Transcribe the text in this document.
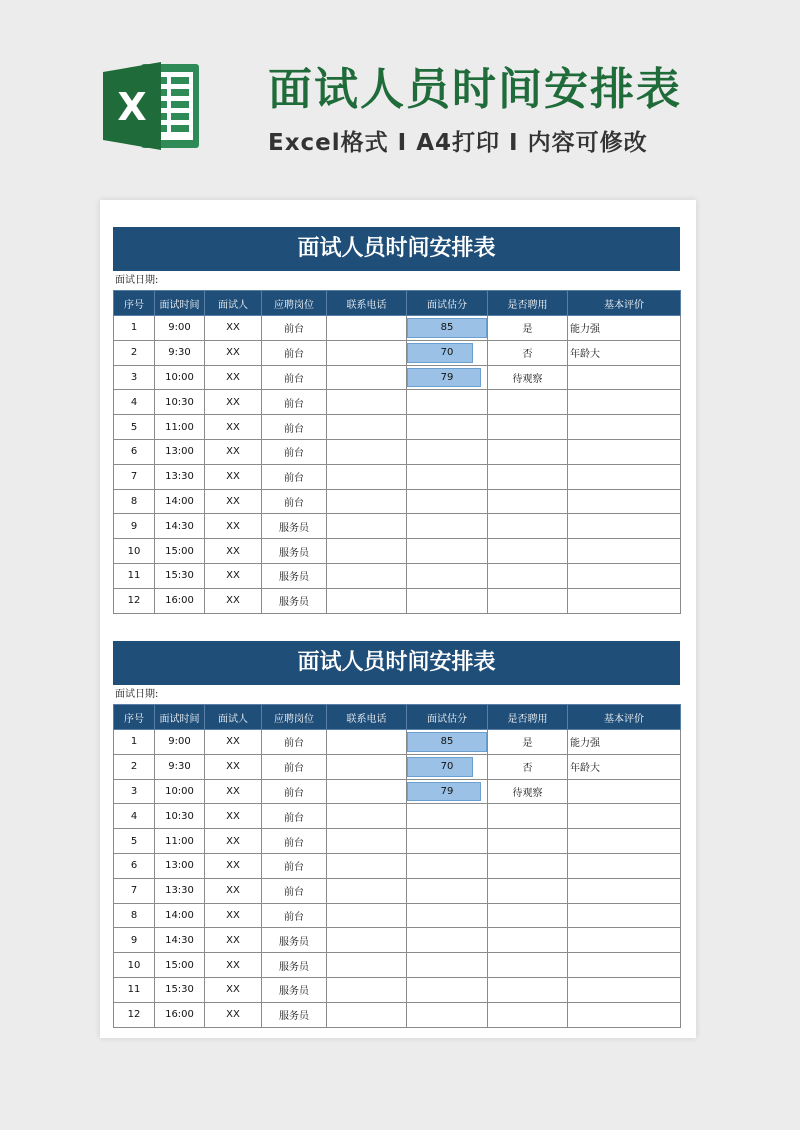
X	面试人员时间安排表
Excel格式 I A4打印 I 内容可修改
面试人员时间安排表
面试日期:
序号	面试时间	面试人	应聘岗位	联系电话	面试估分	是否聘用	基本评价
1	9:00	XX	前台		85	是	能力强
2	9:30	XX	前台		70	否	年龄大
3	10:00	XX	前台		79	待观察	
4	10:30	XX	前台				
5	11:00	XX	前台				
6	13:00	XX	前台				
7	13:30	XX	前台				
8	14:00	XX	前台				
9	14:30	XX	服务员				
10	15:00	XX	服务员				
11	15:30	XX	服务员				
12	16:00	XX	服务员				
面试人员时间安排表
面试日期:
序号	面试时间	面试人	应聘岗位	联系电话	面试估分	是否聘用	基本评价
1	9:00	XX	前台		85	是	能力强
2	9:30	XX	前台		70	否	年龄大
3	10:00	XX	前台		79	待观察	
4	10:30	XX	前台				
5	11:00	XX	前台				
6	13:00	XX	前台				
7	13:30	XX	前台				
8	14:00	XX	前台				
9	14:30	XX	服务员				
10	15:00	XX	服务员				
11	15:30	XX	服务员				
12	16:00	XX	服务员				
